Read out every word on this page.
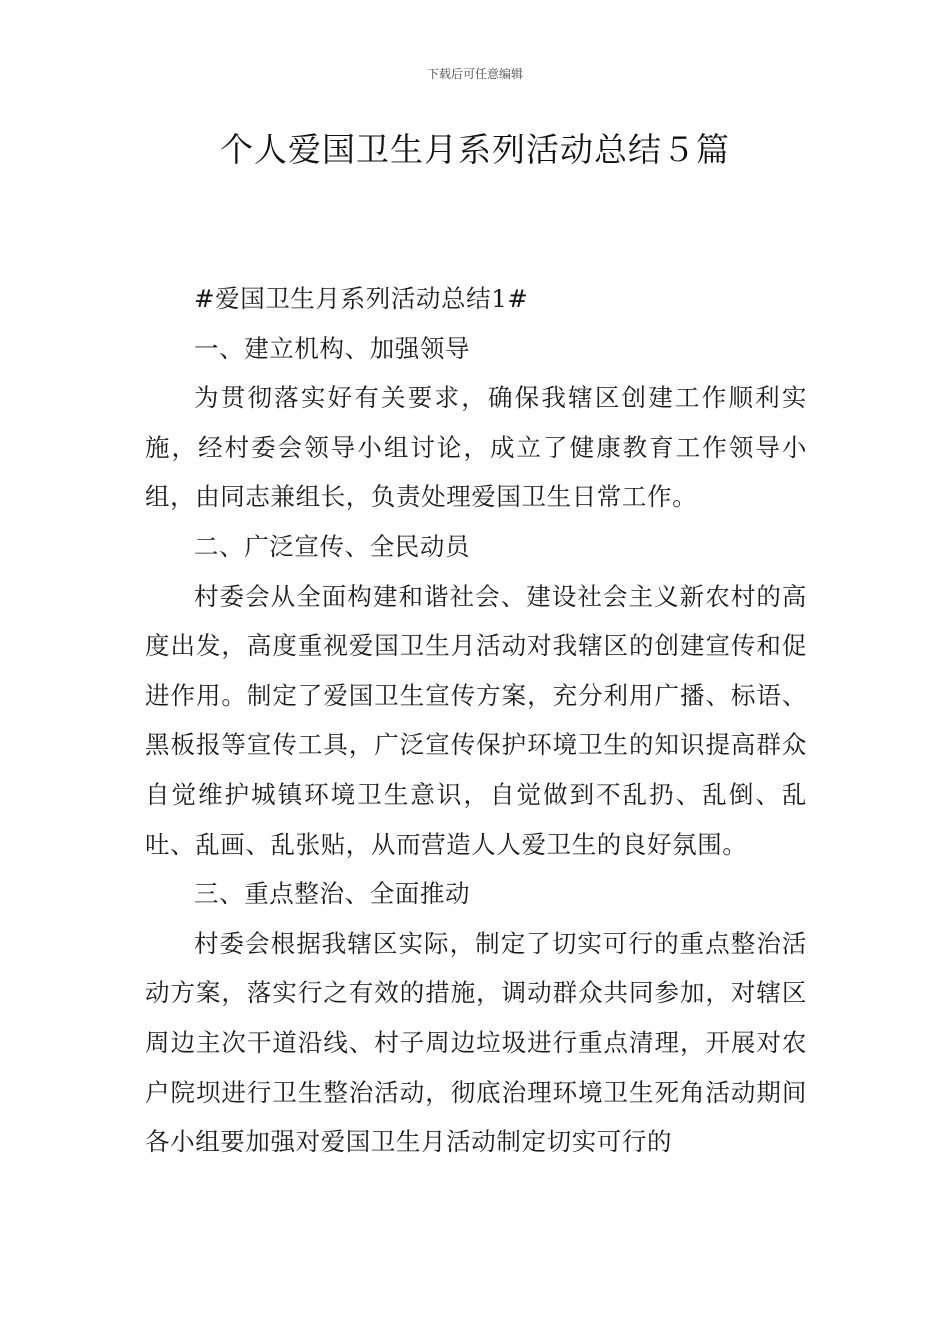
下载后可任意编辑
个人爱国卫生月系列活动总结５篇

#爱国卫生月系列活动总结1#

一、建立机构、加强领导

为贯彻落实好有关要求，确保我辖区创建工作顺利实施，经村委会领导小组讨论，成立了健康教育工作领导小组，由同志兼组长，负责处理爱国卫生日常工作。

二、广泛宣传、全民动员

村委会从全面构建和谐社会、建设社会主义新农村的高度出发，高度重视爱国卫生月活动对我辖区的创建宣传和促进作用。制定了爱国卫生宣传方案，充分利用广播、标语、黑板报等宣传工具，广泛宣传保护环境卫生的知识提高群众自觉维护城镇环境卫生意识，自觉做到不乱扔、乱倒、乱吐、乱画、乱张贴，从而营造人人爱卫生的良好氛围。

三、重点整治、全面推动

村委会根据我辖区实际，制定了切实可行的重点整治活动方案，落实行之有效的措施，调动群众共同参加，对辖区周边主次干道沿线、村子周边垃圾进行重点清理，开展对农户院坝进行卫生整治活动，彻底治理环境卫生死角活动期间各小组要加强对爱国卫生月活动制定切实可行的
